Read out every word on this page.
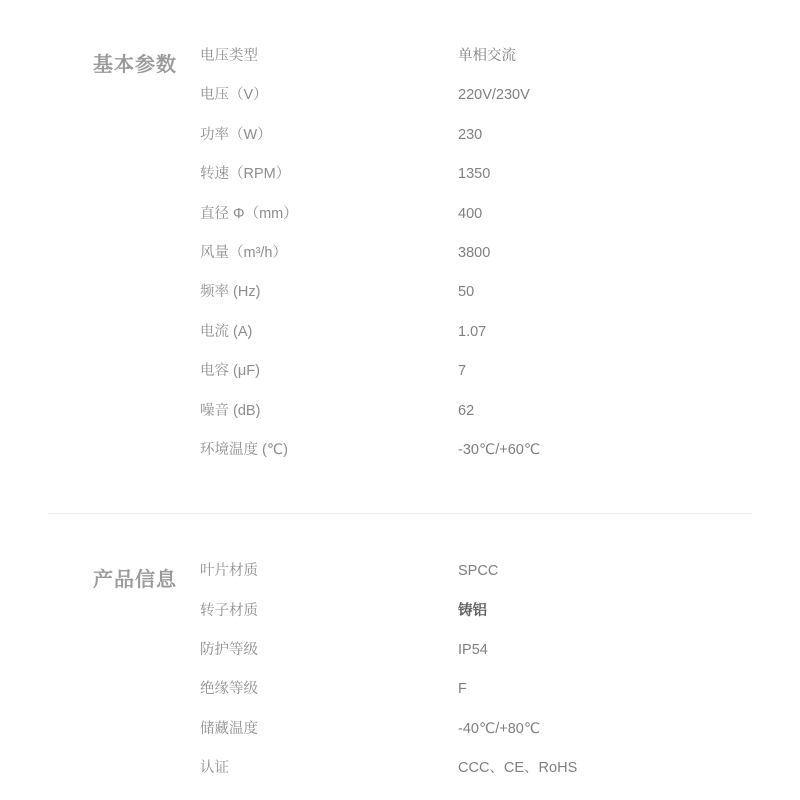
基本参数	电压类型	单相交流
电压（V）	220V/230V
功率（W）	230
转速（RPM）	1350
直径 Φ（mm）	400
风量（m³/h）	3800
频率 (Hz)	50
电流 (A)	1.07
电容 (μF)	7
噪音 (dB)	62
环境温度 (℃)	-30℃/+60℃
产品信息	叶片材质	SPCC
转子材质	铸铝
防护等级	IP54
绝缘等级	F
储藏温度	-40℃/+80℃
认证	CCC、CE、RoHS
